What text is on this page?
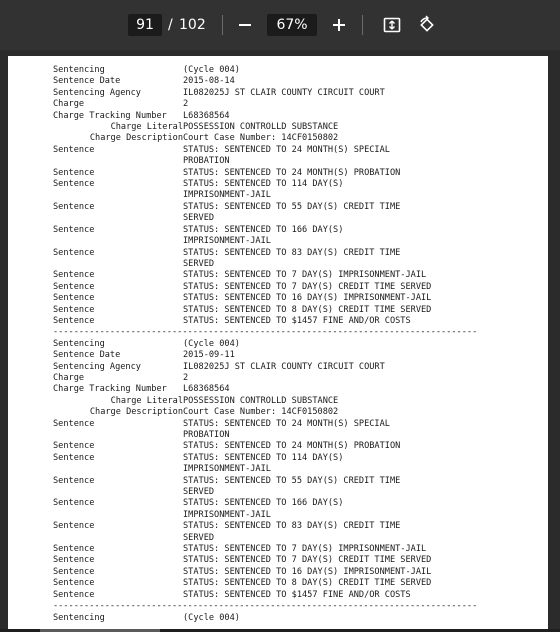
91	/ 102	67%
Sentencing	(Cycle 004)
Sentence Date	2015-08-14
Sentencing Agency	IL082025J ST CLAIR COUNTY CIRCUIT COURT
Charge	2
Charge Tracking Number	L68368564
Charge Literal POSSESSION CONTROLLD SUBSTANCE
Charge Description Court Case Number: 14CF0150802
Sentence	STATUS: SENTENCED TO 24 MONTH(S) SPECIAL
PROBATION
Sentence	STATUS: SENTENCED TO 24 MONTH(S) PROBATION
Sentence	STATUS: SENTENCED TO 114 DAY(S)
IMPRISONMENT-JAIL
Sentence	STATUS: SENTENCED TO 55 DAY(S) CREDIT TIME
SERVED
Sentence	STATUS: SENTENCED TO 166 DAY(S)
IMPRISONMENT-JAIL
Sentence	STATUS: SENTENCED TO 83 DAY(S) CREDIT TIME
SERVED
Sentence	STATUS: SENTENCED TO 7 DAY(S) IMPRISONMENT-JAIL
Sentence	STATUS: SENTENCED TO 7 DAY(S) CREDIT TIME SERVED
Sentence	STATUS: SENTENCED TO 16 DAY(S) IMPRISONMENT-JAIL
Sentence	STATUS: SENTENCED TO 8 DAY(S) CREDIT TIME SERVED
Sentence	STATUS: SENTENCED TO $1457 FINE AND/OR COSTS
----------------------------------------------------------------------------------
Sentencing	(Cycle 004)
Sentence Date	2015-09-11
Sentencing Agency	IL082025J ST CLAIR COUNTY CIRCUIT COURT
Charge	2
Charge Tracking Number	L68368564
Charge Literal POSSESSION CONTROLLD SUBSTANCE
Charge Description Court Case Number: 14CF0150802
Sentence	STATUS: SENTENCED TO 24 MONTH(S) SPECIAL
PROBATION
Sentence	STATUS: SENTENCED TO 24 MONTH(S) PROBATION
Sentence	STATUS: SENTENCED TO 114 DAY(S)
IMPRISONMENT-JAIL
Sentence	STATUS: SENTENCED TO 55 DAY(S) CREDIT TIME
SERVED
Sentence	STATUS: SENTENCED TO 166 DAY(S)
IMPRISONMENT-JAIL
Sentence	STATUS: SENTENCED TO 83 DAY(S) CREDIT TIME
SERVED
Sentence	STATUS: SENTENCED TO 7 DAY(S) IMPRISONMENT-JAIL
Sentence	STATUS: SENTENCED TO 7 DAY(S) CREDIT TIME SERVED
Sentence	STATUS: SENTENCED TO 16 DAY(S) IMPRISONMENT-JAIL
Sentence	STATUS: SENTENCED TO 8 DAY(S) CREDIT TIME SERVED
Sentence	STATUS: SENTENCED TO $1457 FINE AND/OR COSTS
----------------------------------------------------------------------------------
Sentencing	(Cycle 004)
